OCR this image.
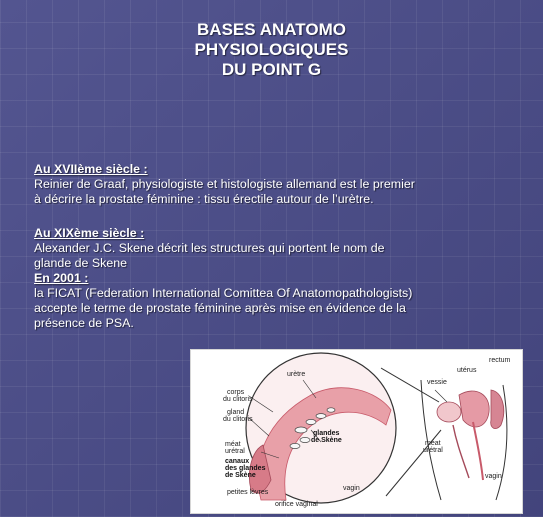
BASES ANATOMO
PHYSIOLOGIQUES
DU POINT G
Au XVIIème siècle :
Reinier de Graaf, physiologiste et histologiste allemand est le premier
à décrire la prostate féminine : tissu érectile autour de l’urètre.
Au XIXème siècle :
Alexander J.C. Skene décrit les structures qui portent le nom de
glande de Skene
En 2001 :
la FICAT (Federation International Comittea Of Anatomopathologists)
accepte le terme de prostate féminine après mise en évidence de la
présence de PSA.
urètre
corps
du clitoris
gland
du clitoris
glandes
de Skène
méat
urétral
canaux
des glandes
de Skène
petites lèvres
orifice vaginal
vagin
vessie
utérus
rectum
méat
urétral
vagin
